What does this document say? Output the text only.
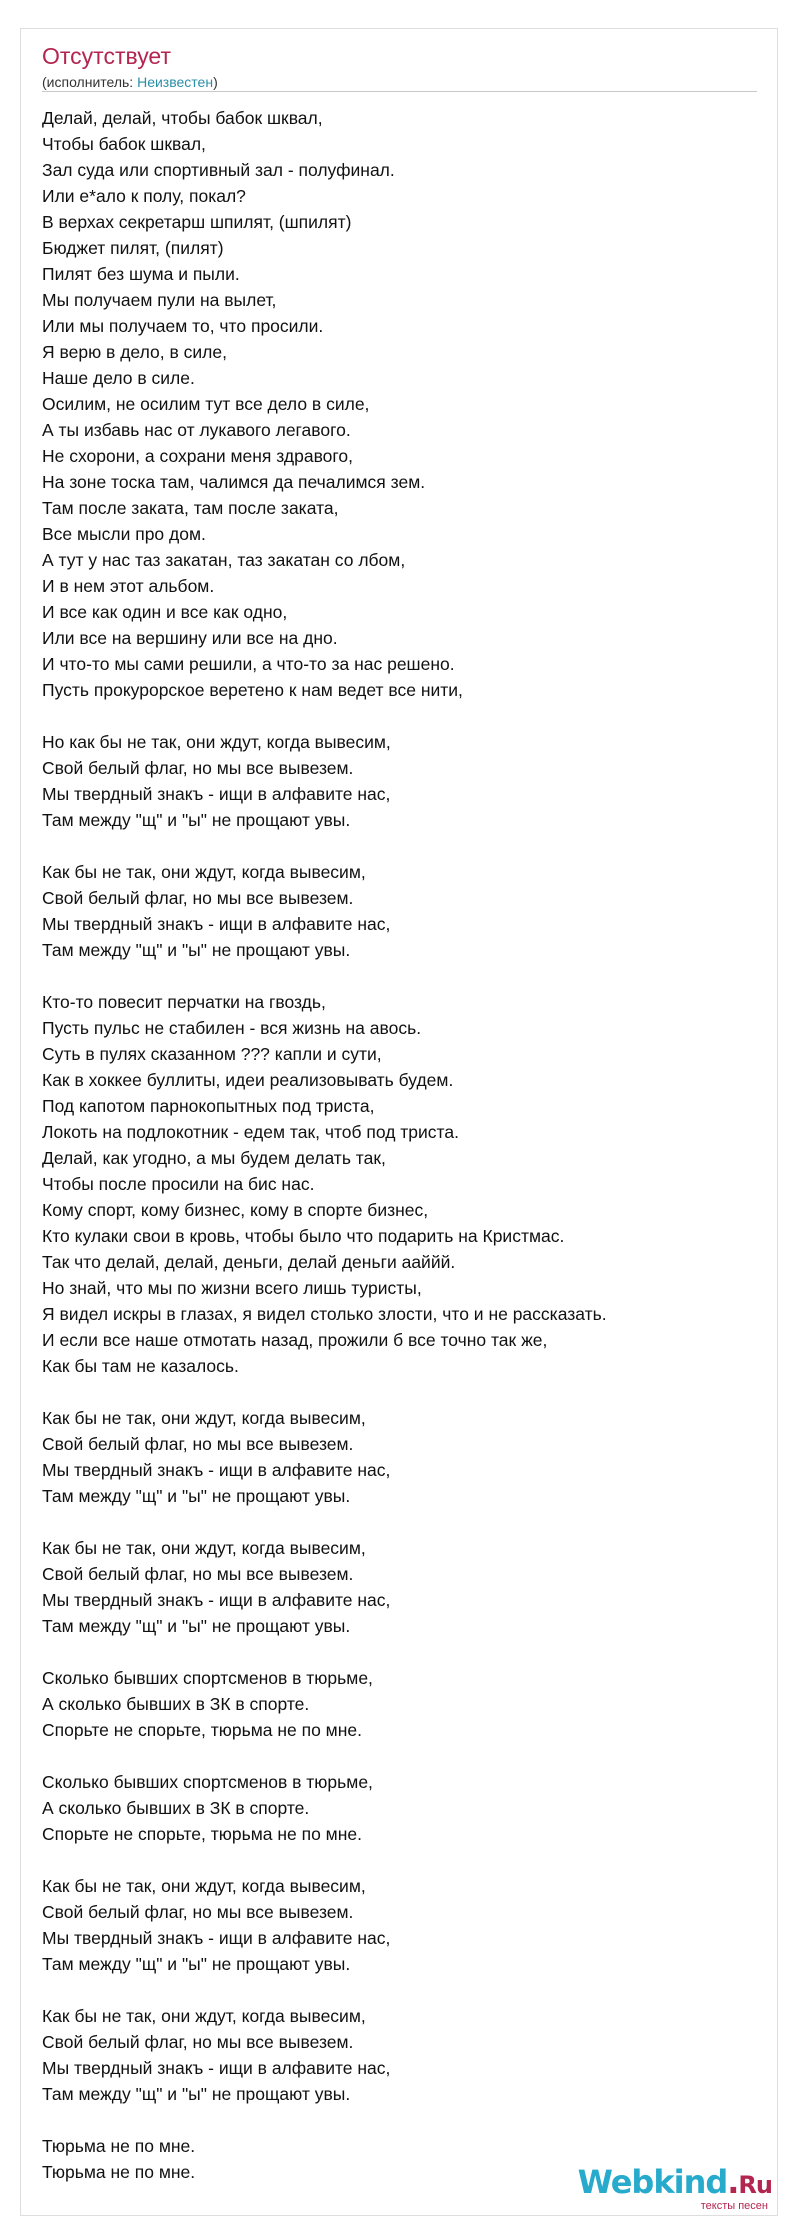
Отсутствует
(исполнитель: Неизвестен)
Делай, делай, чтобы бабок шквал,
Чтобы бабок шквал,
Зал суда или спортивный зал - полуфинал.
Или е*ало к полу, покал?
В верхах секретарш шпилят, (шпилят)
Бюджет пилят, (пилят)
Пилят без шума и пыли.
Мы получаем пули на вылет,
Или мы получаем то, что просили.
Я верю в дело, в силе,
Наше дело в силе.
Осилим, не осилим тут все дело в силе,
А ты избавь нас от лукавого легавого.
Не схорони, а сохрани меня здравого,
На зоне тоска там, чалимся да печалимся зем.
Там после заката, там после заката,
Все мысли про дом.
А тут у нас таз закатан, таз закатан со лбом,
И в нем этот альбом.
И все как один и все как одно,
Или все на вершину или все на дно.
И что-то мы сами решили, а что-то за нас решено.
Пусть прокурорское веретено к нам ведет все нити,
Но как бы не так, они ждут, когда вывесим,
Свой белый флаг, но мы все вывезем.
Мы твердный знакъ - ищи в алфавите нас,
Там между "щ" и "ы" не прощают увы.
Как бы не так, они ждут, когда вывесим,
Свой белый флаг, но мы все вывезем.
Мы твердный знакъ - ищи в алфавите нас,
Там между "щ" и "ы" не прощают увы.
Кто-то повесит перчатки на гвоздь,
Пусть пульс не стабилен - вся жизнь на авось.
Суть в пулях сказанном ??? капли и сути,
Как в хоккее буллиты, идеи реализовывать будем.
Под капотом парнокопытных под триста,
Локоть на подлокотник - едем так, чтоб под триста.
Делай, как угодно, а мы будем делать так,
Чтобы после просили на бис нас.
Кому спорт, кому бизнес, кому в спорте бизнес,
Кто кулаки свои в кровь, чтобы было что подарить на Кристмас.
Так что делай, делай, деньги, делай деньги ааййй.
Но знай, что мы по жизни всего лишь туристы,
Я видел искры в глазах, я видел столько злости, что и не рассказать.
И если все наше отмотать назад, прожили б все точно так же,
Как бы там не казалось.
Как бы не так, они ждут, когда вывесим,
Свой белый флаг, но мы все вывезем.
Мы твердный знакъ - ищи в алфавите нас,
Там между "щ" и "ы" не прощают увы.
Как бы не так, они ждут, когда вывесим,
Свой белый флаг, но мы все вывезем.
Мы твердный знакъ - ищи в алфавите нас,
Там между "щ" и "ы" не прощают увы.
Сколько бывших спортсменов в тюрьме,
А сколько бывших в ЗК в спорте.
Спорьте не спорьте, тюрьма не по мне.
Сколько бывших спортсменов в тюрьме,
А сколько бывших в ЗК в спорте.
Спорьте не спорьте, тюрьма не по мне.
Как бы не так, они ждут, когда вывесим,
Свой белый флаг, но мы все вывезем.
Мы твердный знакъ - ищи в алфавите нас,
Там между "щ" и "ы" не прощают увы.
Как бы не так, они ждут, когда вывесим,
Свой белый флаг, но мы все вывезем.
Мы твердный знакъ - ищи в алфавите нас,
Там между "щ" и "ы" не прощают увы.
Тюрьма не по мне.
Тюрьма не по мне.	Webkind.Ru
тексты песен
